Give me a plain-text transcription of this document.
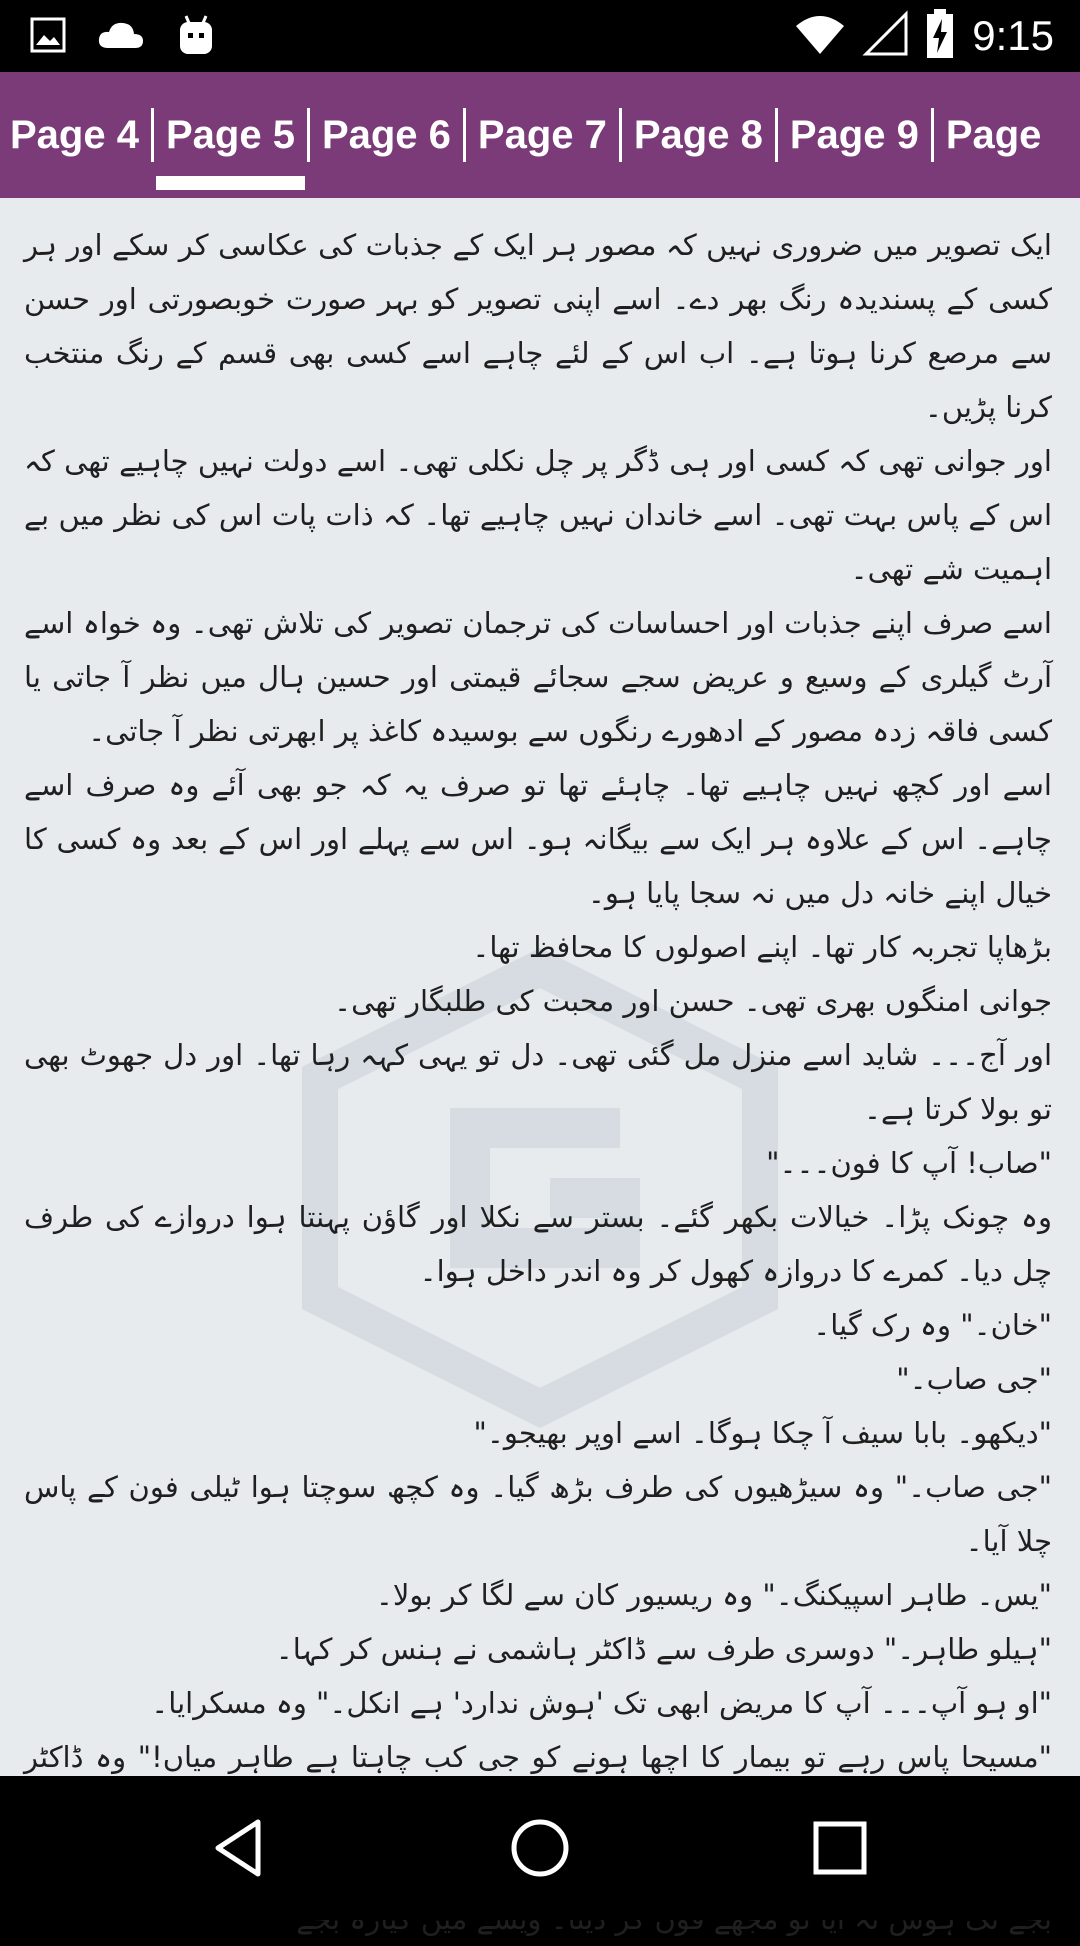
9:15
Page 4 Page 5 Page 6 Page 7 Page 8 Page 9 Page

ایک تصویر میں ضروری نہیں کہ مصور ہر ایک کے جذبات کی عکاسی کر سکے اور ہر کسی کے پسندیدہ رنگ بھر دے۔ اسے اپنی تصویر کو بہر صورت خوبصورتی اور حسن سے مرصع کرنا ہوتا ہے۔ اب اس کے لئے چاہے اسے کسی بھی قسم کے رنگ منتخب کرنا پڑیں۔

اور جوانی تھی کہ کسی اور ہی ڈگر پر چل نکلی تھی۔ اسے دولت نہیں چاہیے تھی کہ اس کے پاس بہت تھی۔ اسے خاندان نہیں چاہیے تھا۔ کہ ذات پات اس کی نظر میں بے اہمیت شے تھی۔

اسے صرف اپنے جذبات اور احساسات کی ترجمان تصویر کی تلاش تھی۔ وہ خواہ اسے آرٹ گیلری کے وسیع و عریض سجے سجائے قیمتی اور حسین ہال میں نظر آ جاتی یا کسی فاقہ زدہ مصور کے ادھورے رنگوں سے بوسیدہ کاغذ پر ابھرتی نظر آ جاتی۔

اسے اور کچھ نہیں چاہیے تھا۔ چاہئے تھا تو صرف یہ کہ جو بھی آئے وہ صرف اسے چاہے۔ اس کے علاوہ ہر ایک سے بیگانہ ہو۔ اس سے پہلے اور اس کے بعد وہ کسی کا خیال اپنے خانہ دل میں نہ سجا پایا ہو۔

بڑھاپا تجربہ کار تھا۔ اپنے اصولوں کا محافظ تھا۔

جوانی امنگوں بھری تھی۔ حسن اور محبت کی طلبگار تھی۔

اور آج۔۔۔ شاید اسے منزل مل گئی تھی۔ دل تو یہی کہہ رہا تھا۔ اور دل جھوٹ بھی تو بولا کرتا ہے۔

"صاب! آپ کا فون۔۔۔"

وہ چونک پڑا۔ خیالات بکھر گئے۔ بستر سے نکلا اور گاؤن پہنتا ہوا دروازے کی طرف چل دیا۔ کمرے کا دروازہ کھول کر وہ اندر داخل ہوا۔

"خان۔" وہ رک گیا۔

"جی صاب۔"

"دیکھو۔ بابا سیف آ چکا ہوگا۔ اسے اوپر بھیجو۔"

"جی صاب۔" وہ سیڑھیوں کی طرف بڑھ گیا۔ وہ کچھ سوچتا ہوا ٹیلی فون کے پاس چلا آیا۔

"یس۔ طاہر اسپیکنگ۔" وہ ریسیور کان سے لگا کر بولا۔

"ہیلو طاہر۔" دوسری طرف سے ڈاکٹر ہاشمی نے ہنس کر کہا۔

"او ہو آپ۔۔۔ آپ کا مریض ابھی تک 'ہوش ندارد' ہے انکل۔" وہ مسکرایا۔

"مسیحا پاس رہے تو بیمار کا اچھا ہونے کو جی کب چاہتا ہے طاہر میاں!" وہ ڈاکٹر
